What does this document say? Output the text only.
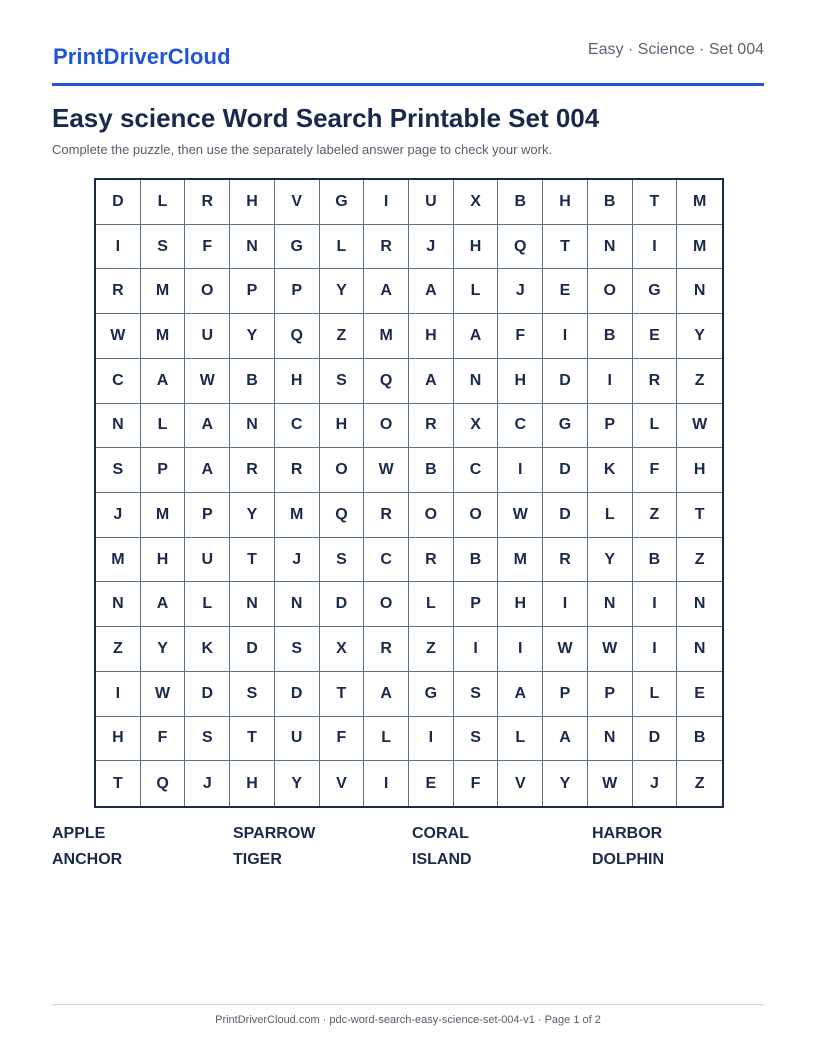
PrintDriverCloud	Easy · Science · Set 004
Easy science Word Search Printable Set 004

Complete the puzzle, then use the separately labeled answer page to check your work.

D	L	R	H	V	G	I	U	X	B	H	B	T	M
I	S	F	N	G	L	R	J	H	Q	T	N	I	M
R	M	O	P	P	Y	A	A	L	J	E	O	G	N
W	M	U	Y	Q	Z	M	H	A	F	I	B	E	Y
C	A	W	B	H	S	Q	A	N	H	D	I	R	Z
N	L	A	N	C	H	O	R	X	C	G	P	L	W
S	P	A	R	R	O	W	B	C	I	D	K	F	H
J	M	P	Y	M	Q	R	O	O	W	D	L	Z	T
M	H	U	T	J	S	C	R	B	M	R	Y	B	Z
N	A	L	N	N	D	O	L	P	H	I	N	I	N
Z	Y	K	D	S	X	R	Z	I	I	W	W	I	N
I	W	D	S	D	T	A	G	S	A	P	P	L	E
H	F	S	T	U	F	L	I	S	L	A	N	D	B
T	Q	J	H	Y	V	I	E	F	V	Y	W	J	Z
APPLE	SPARROW	CORAL	HARBOR
ANCHOR	TIGER	ISLAND	DOLPHIN
PrintDriverCloud.com · pdc-word-search-easy-science-set-004-v1 · Page 1 of 2
